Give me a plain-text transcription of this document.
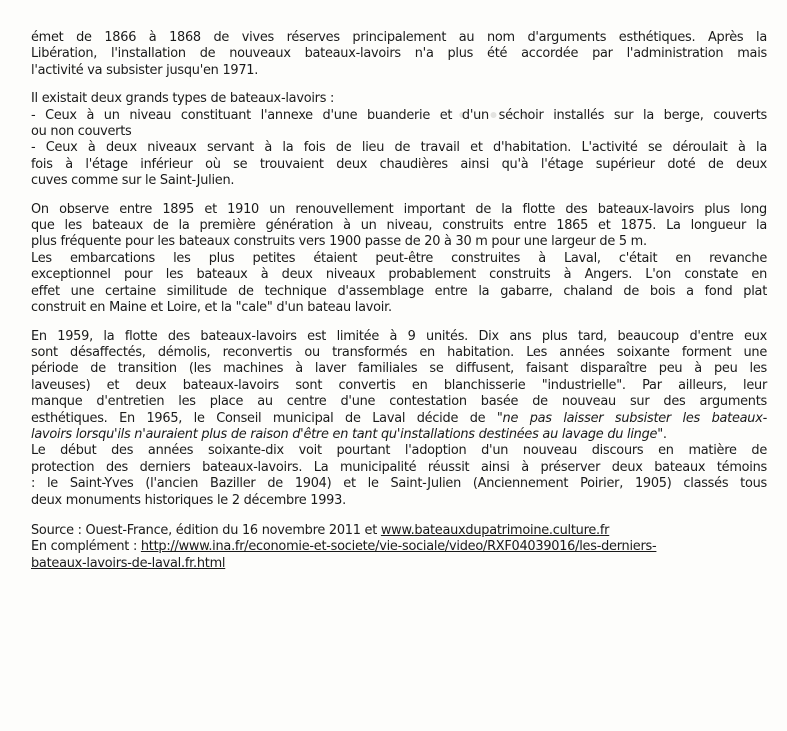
· · ·
émet de 1866 à 1868 de vives réserves principalement au nom d'arguments esthétiques. Après la
Libération, l'installation de nouveaux bateaux-lavoirs n'a plus été accordée par l'administration mais
l'activité va subsister jusqu'en 1971.
Il existait deux grands types de bateaux-lavoirs :
- Ceux à un niveau constituant l'annexe d'une buanderie et d'un séchoir installés sur la berge, couverts
ou non couverts
- Ceux à deux niveaux servant à la fois de lieu de travail et d'habitation. L'activité se déroulait à la
fois à l'étage inférieur où se trouvaient deux chaudières ainsi qu'à l'étage supérieur doté de deux
cuves comme sur le Saint-Julien.
On observe entre 1895 et 1910 un renouvellement important de la flotte des bateaux-lavoirs plus long
que les bateaux de la première génération à un niveau, construits entre 1865 et 1875. La longueur la
plus fréquente pour les bateaux construits vers 1900 passe de 20 à 30 m pour une largeur de 5 m.
Les embarcations les plus petites étaient peut-être construites à Laval, c'était en revanche
exceptionnel pour les bateaux à deux niveaux probablement construits à Angers. L'on constate en
effet une certaine similitude de technique d'assemblage entre la gabarre, chaland de bois a fond plat
construit en Maine et Loire, et la "cale" d'un bateau lavoir.
En 1959, la flotte des bateaux-lavoirs est limitée à 9 unités. Dix ans plus tard, beaucoup d'entre eux
sont désaffectés, démolis, reconvertis ou transformés en habitation. Les années soixante forment une
période de transition (les machines à laver familiales se diffusent, faisant disparaître peu à peu les
laveuses) et deux bateaux-lavoirs sont convertis en blanchisserie "industrielle". Par ailleurs, leur
manque d'entretien les place au centre d'une contestation basée de nouveau sur des arguments
esthétiques. En 1965, le Conseil municipal de Laval décide de "ne pas laisser subsister les bateaux-
lavoirs lorsqu'ils n'auraient plus de raison d'être en tant qu'installations destinées au lavage du linge".
Le début des années soixante-dix voit pourtant l'adoption d'un nouveau discours en matière de
protection des derniers bateaux-lavoirs. La municipalité réussit ainsi à préserver deux bateaux témoins
: le Saint-Yves (l'ancien Baziller de 1904) et le Saint-Julien (Anciennement Poirier, 1905) classés tous
deux monuments historiques le 2 décembre 1993.
Source : Ouest-France, édition du 16 novembre 2011 et www.bateauxdupatrimoine.culture.fr
En complément : http://www.ina.fr/economie-et-societe/vie-sociale/video/RXF04039016/les-derniers-
bateaux-lavoirs-de-laval.fr.html
